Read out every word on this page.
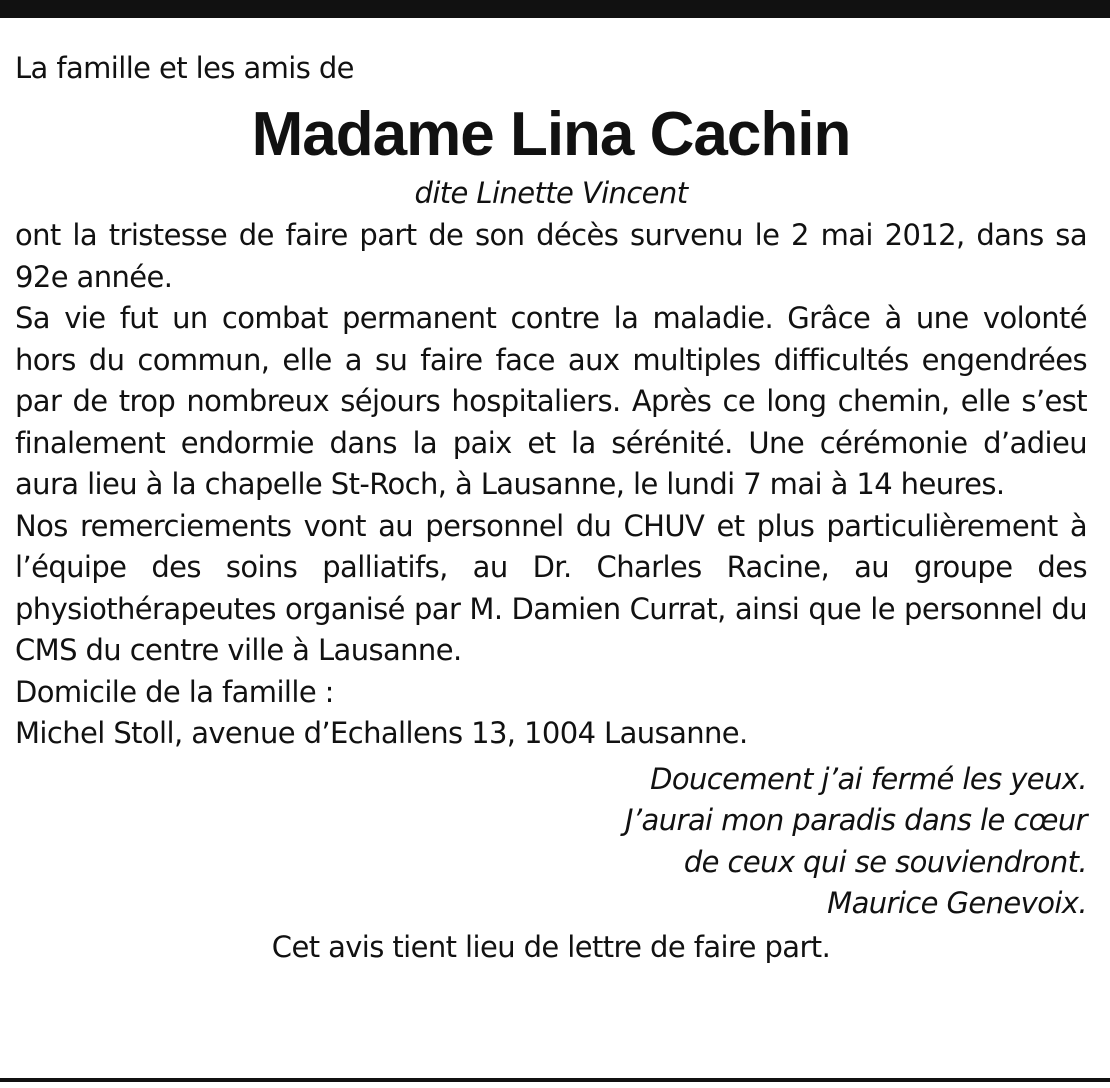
La famille et les amis de

Madame Lina Cachin

dite Linette Vincent

ont la tristesse de faire part de son décès survenu le 2 mai 2012, dans sa 92e année.

Sa vie fut un combat permanent contre la maladie. Grâce à une volonté hors du commun, elle a su faire face aux multiples difficultés engendrées par de trop nombreux séjours hospitaliers. Après ce long chemin, elle s’est finalement endormie dans la paix et la sérénité. Une cérémonie d’adieu aura lieu à la chapelle St-Roch, à Lausanne, le lundi 7 mai à 14 heures.

Nos remerciements vont au personnel du CHUV et plus particulièrement à l’équipe des soins palliatifs, au Dr. Charles Racine, au groupe des physiothérapeutes organisé par M. Damien Currat, ainsi que le personnel du CMS du centre ville à Lausanne.

Domicile de la famille :

Michel Stoll, avenue d’Echallens 13, 1004 Lausanne.

Doucement j’ai fermé les yeux.
J’aurai mon paradis dans le cœur
de ceux qui se souviendront.
Maurice Genevoix.

Cet avis tient lieu de lettre de faire part.
